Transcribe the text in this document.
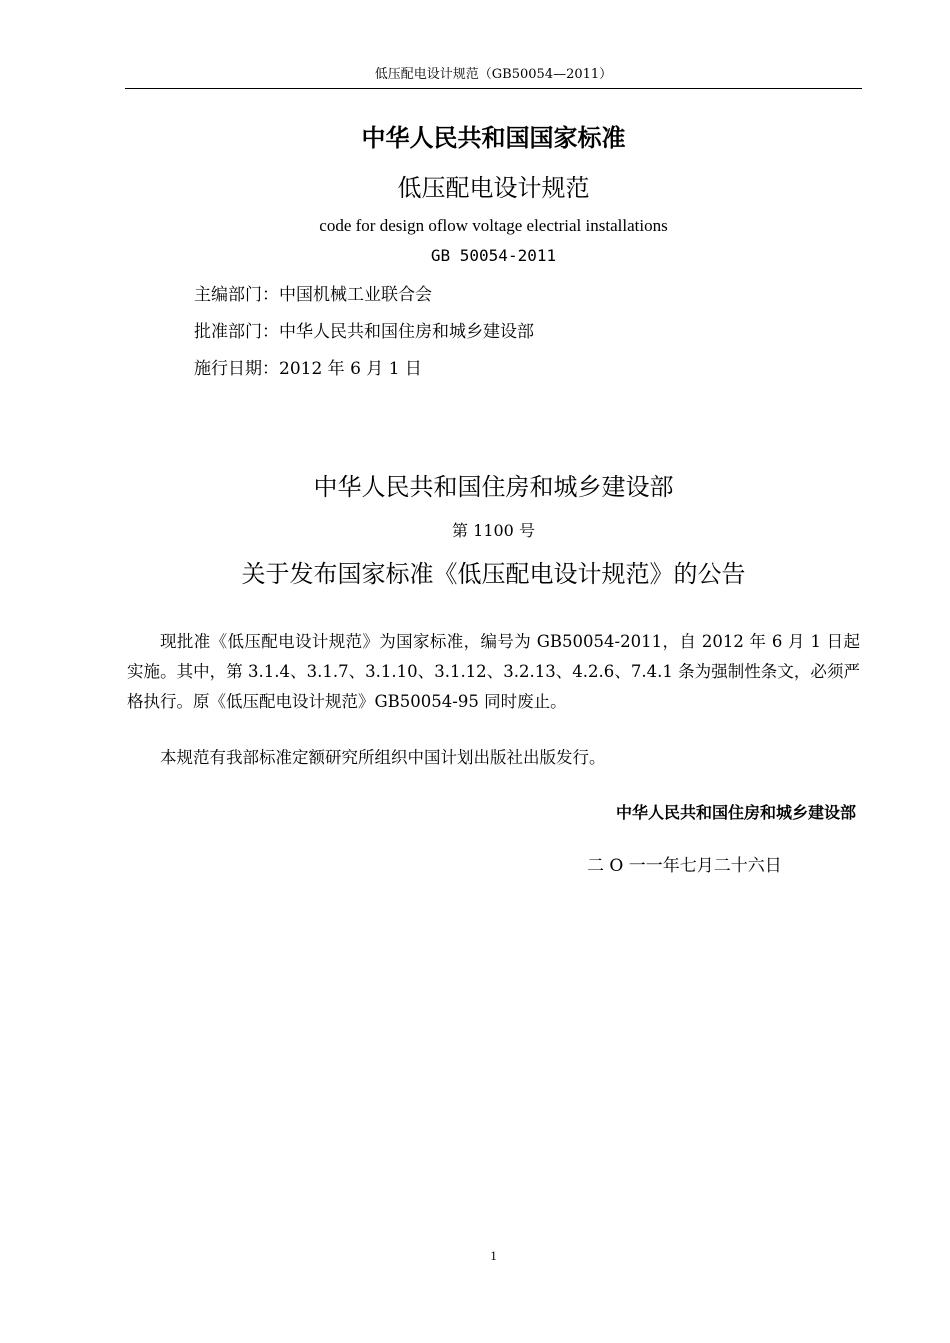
低压配电设计规范（GB50054—2011）
中华人民共和国国家标准
低压配电设计规范
code for design oflow voltage electrial installations
GB 50054-2011
主编部门：中国机械工业联合会
批准部门：中华人民共和国住房和城乡建设部
施行日期：2012 年 6 月 1 日
中华人民共和国住房和城乡建设部
第 1100 号
关于发布国家标准《低压配电设计规范》的公告
现批准《低压配电设计规范》为国家标准，编号为 GB50054-2011，自 2012 年 6 月 1 日起实施。其中，第 3.1.4、3.1.7、3.1.10、3.1.12、3.2.13、4.2.6、7.4.1 条为强制性条文，必须严格执行。原《低压配电设计规范》GB50054-95 同时废止。
本规范有我部标准定额研究所组织中国计划出版社出版发行。
中华人民共和国住房和城乡建设部
二 O 一一年七月二十六日
1
